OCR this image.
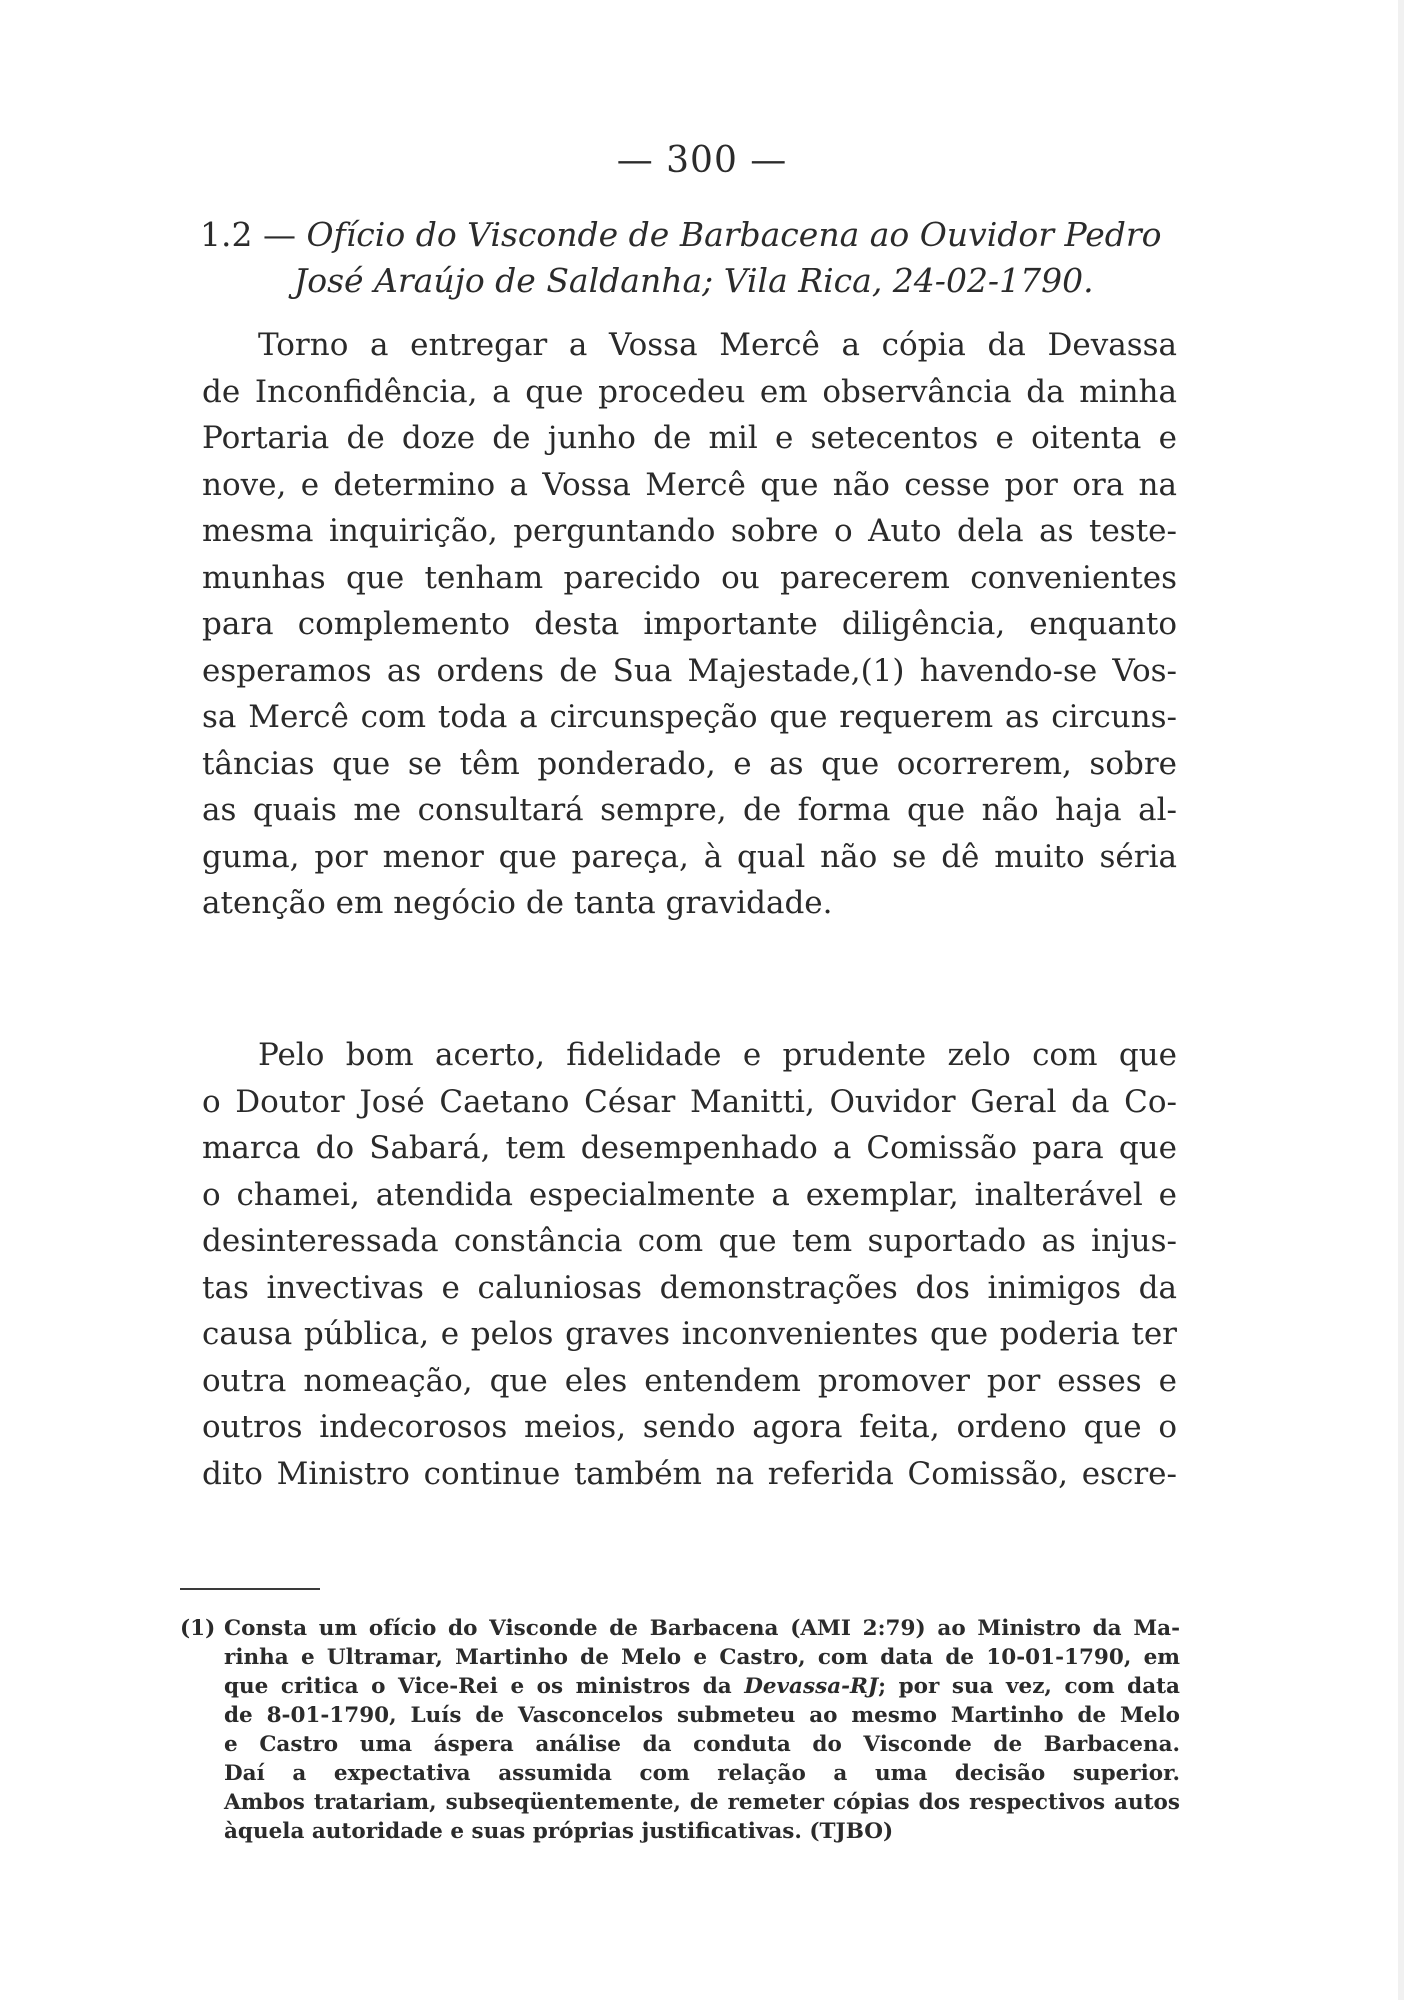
— 300 —
1.2 — Ofício do Visconde de Barbacena ao Ouvidor Pedro
José Araújo de Saldanha; Vila Rica, 24-02-1790.
Torno a entregar a Vossa Mercê a cópia da Devassa
de Inconfidência, a que procedeu em observância da minha
Portaria de doze de junho de mil e setecentos e oitenta e
nove, e determino a Vossa Mercê que não cesse por ora na
mesma inquirição, perguntando sobre o Auto dela as teste-
munhas que tenham parecido ou parecerem convenientes
para complemento desta importante diligência, enquanto
esperamos as ordens de Sua Majestade,(1) havendo-se Vos-
sa Mercê com toda a circunspeção que requerem as circuns-
tâncias que se têm ponderado, e as que ocorrerem, sobre
as quais me consultará sempre, de forma que não haja al-
guma, por menor que pareça, à qual não se dê muito séria
atenção em negócio de tanta gravidade.
Pelo bom acerto, fidelidade e prudente zelo com que
o Doutor José Caetano César Manitti, Ouvidor Geral da Co-
marca do Sabará, tem desempenhado a Comissão para que
o chamei, atendida especialmente a exemplar, inalterável e
desinteressada constância com que tem suportado as injus-
tas invectivas e caluniosas demonstrações dos inimigos da
causa pública, e pelos graves inconvenientes que poderia ter
outra nomeação, que eles entendem promover por esses e
outros indecorosos meios, sendo agora feita, ordeno que o
dito Ministro continue também na referida Comissão, escre-
(1) Consta um ofício do Visconde de Barbacena (AMI 2:79) ao Ministro da Ma-
rinha e Ultramar, Martinho de Melo e Castro, com data de 10-01-1790, em
que critica o Vice-Rei e os ministros da Devassa-RJ; por sua vez, com data
de 8-01-1790, Luís de Vasconcelos submeteu ao mesmo Martinho de Melo
e Castro uma áspera análise da conduta do Visconde de Barbacena.
Daí a expectativa assumida com relação a uma decisão superior.
Ambos tratariam, subseqüentemente, de remeter cópias dos respectivos autos
àquela autoridade e suas próprias justificativas. (TJBO)
